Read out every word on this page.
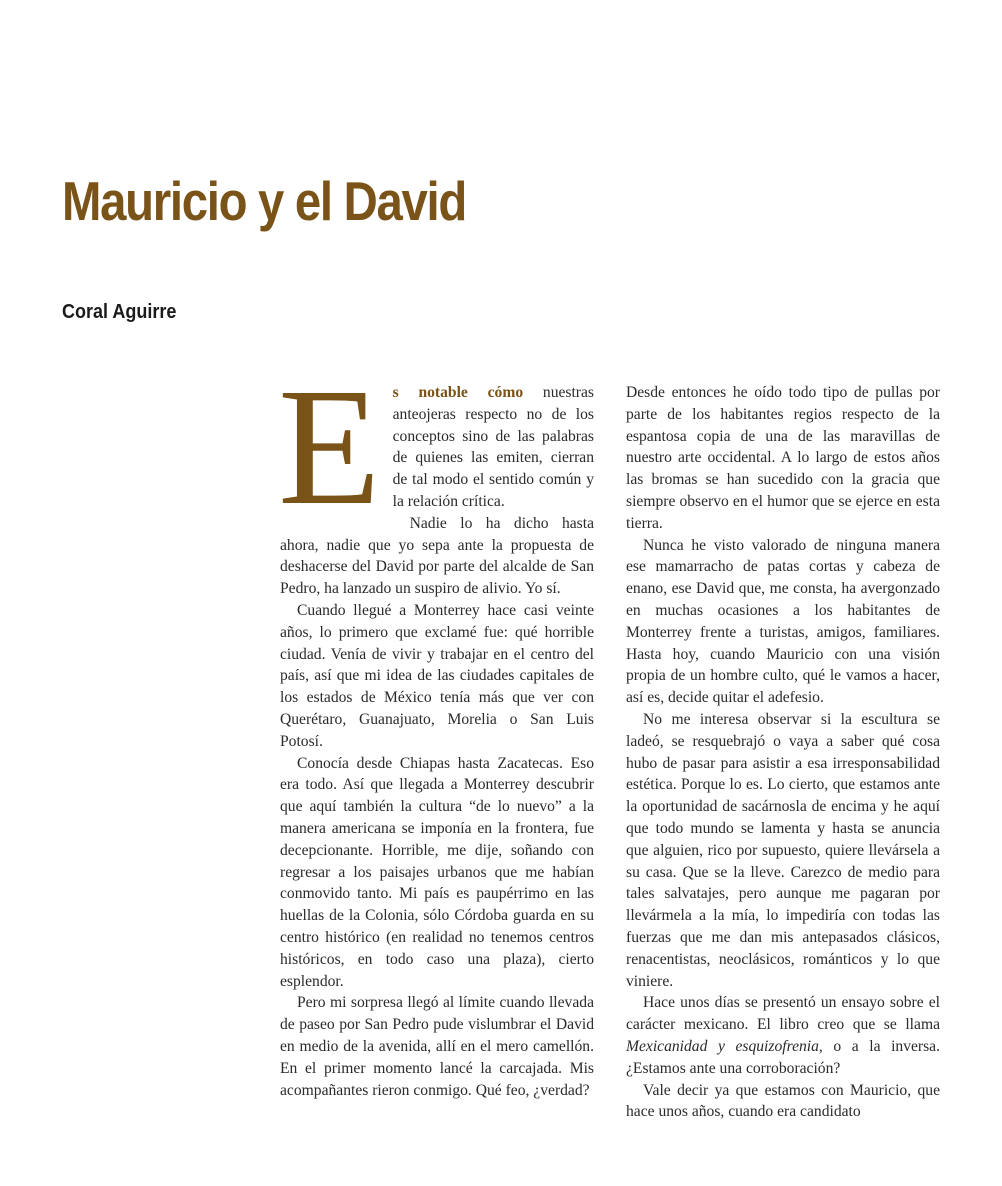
Mauricio y el David
Coral Aguirre

Es notable cómo nuestras anteojeras respecto no de los conceptos sino de las palabras de quienes las emiten, cierran de tal modo el sentido común y la relación crítica.

Nadie lo ha dicho hasta ahora, nadie que yo sepa ante la propuesta de deshacerse del David por parte del alcalde de San Pedro, ha lanzado un suspiro de alivio. Yo sí.

Cuando llegué a Monterrey hace casi veinte años, lo primero que exclamé fue: qué horrible ciudad. Venía de vivir y trabajar en el centro del país, así que mi idea de las ciudades capitales de los estados de México tenía más que ver con Querétaro, Guanajuato, Morelia o San Luis Potosí.

Conocía desde Chiapas hasta Zacatecas. Eso era todo. Así que llegada a Monterrey descubrir que aquí también la cultura “de lo nuevo” a la manera americana se imponía en la frontera, fue decepcionante. Horrible, me dije, soñando con regresar a los paisajes urbanos que me habían conmovido tanto. Mi país es paupérrimo en las huellas de la Colonia, sólo Córdoba guarda en su centro histórico (en realidad no tenemos centros históricos, en todo caso una plaza), cierto esplendor.

Pero mi sorpresa llegó al límite cuando llevada de paseo por San Pedro pude vislumbrar el David en medio de la avenida, allí en el mero camellón. En el primer momento lancé la carcajada. Mis acompañantes rieron conmigo. Qué feo, ¿verdad?

Desde entonces he oído todo tipo de pullas por parte de los habitantes regios respecto de la espantosa copia de una de las maravillas de nuestro arte occidental. A lo largo de estos años las bromas se han sucedido con la gracia que siempre observo en el humor que se ejerce en esta tierra.

Nunca he visto valorado de ninguna manera ese mamarracho de patas cortas y cabeza de enano, ese David que, me consta, ha avergonzado en muchas ocasiones a los habitantes de Monterrey frente a turistas, amigos, familiares. Hasta hoy, cuando Mauricio con una visión propia de un hombre culto, qué le vamos a hacer, así es, decide quitar el adefesio.

No me interesa observar si la escultura se ladeó, se resquebrajó o vaya a saber qué cosa hubo de pasar para asistir a esa irresponsabilidad estética. Porque lo es. Lo cierto, que estamos ante la oportunidad de sacárnosla de encima y he aquí que todo mundo se lamenta y hasta se anuncia que alguien, rico por supuesto, quiere llevársela a su casa. Que se la lleve. Carezco de medio para tales salvatajes, pero aunque me pagaran por llevármela a la mía, lo impediría con todas las fuerzas que me dan mis antepasados clásicos, renacentistas, neoclásicos, románticos y lo que viniere.

Hace unos días se presentó un ensayo sobre el carácter mexicano. El libro creo que se llama Mexicanidad y esquizofrenia, o a la inversa. ¿Estamos ante una corroboración?

Vale decir ya que estamos con Mauricio, que hace unos años, cuando era candidato
